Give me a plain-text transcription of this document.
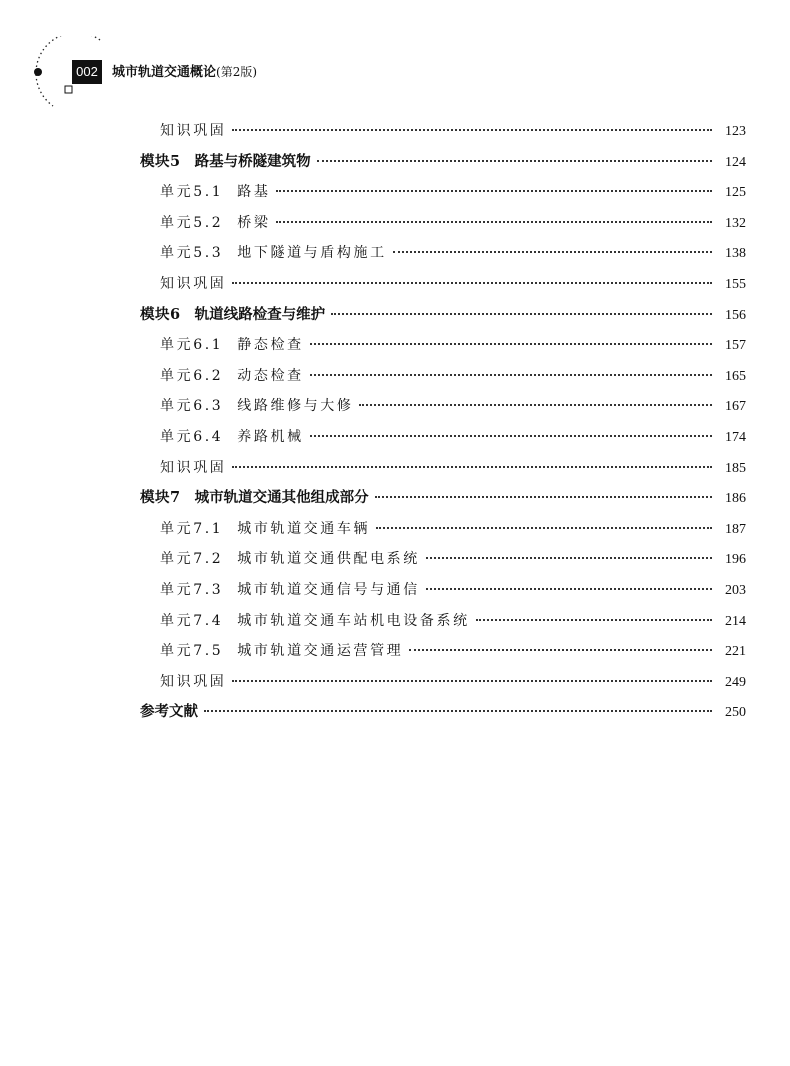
002	城市轨道交通概论(第2版)
知识巩固	123
模块5 路基与桥隧建筑物	124
单元5.1 路基	125
单元5.2 桥梁	132
单元5.3 地下隧道与盾构施工	138
知识巩固	155
模块6 轨道线路检查与维护	156
单元6.1 静态检查	157
单元6.2 动态检查	165
单元6.3 线路维修与大修	167
单元6.4 养路机械	174
知识巩固	185
模块7 城市轨道交通其他组成部分	186
单元7.1 城市轨道交通车辆	187
单元7.2 城市轨道交通供配电系统	196
单元7.3 城市轨道交通信号与通信	203
单元7.4 城市轨道交通车站机电设备系统	214
单元7.5 城市轨道交通运营管理	221
知识巩固	249
参考文献	250
